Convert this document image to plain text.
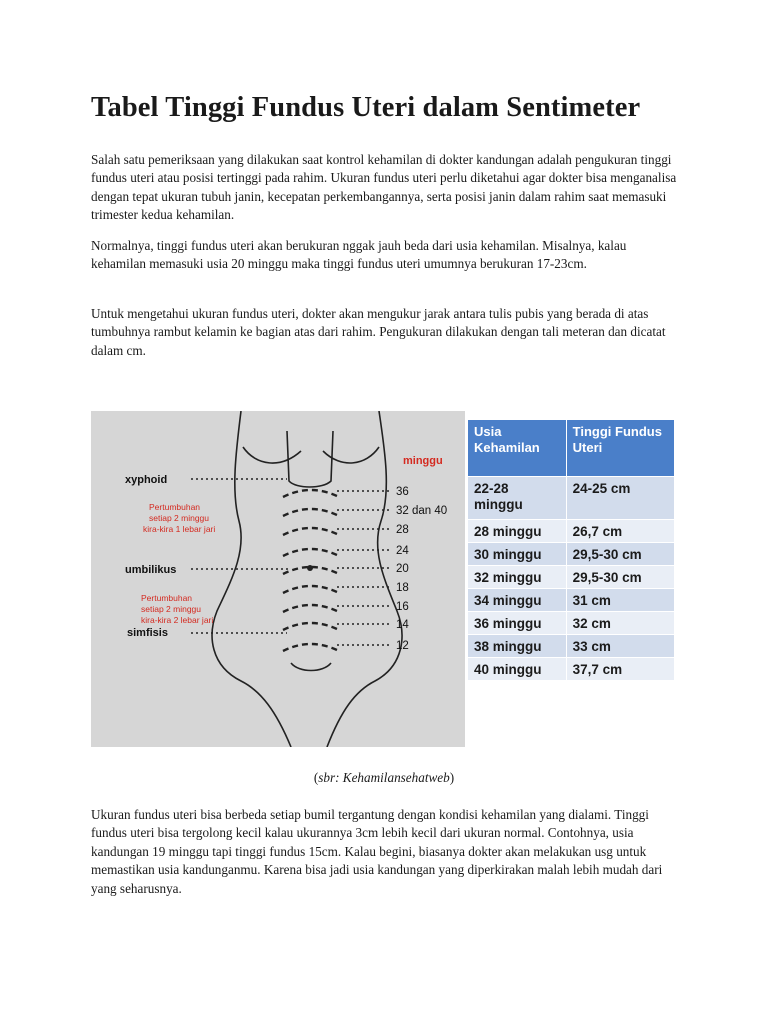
Tabel Tinggi Fundus Uteri dalam Sentimeter

Salah satu pemeriksaan yang dilakukan saat kontrol kehamilan di dokter kandungan adalah pengukuran tinggi fundus uteri atau posisi tertinggi pada rahim. Ukuran fundus uteri perlu diketahui agar dokter bisa menganalisa dengan tepat ukuran tubuh janin, kecepatan perkembangannya, serta posisi janin dalam rahim saat memasuki trimester kedua kehamilan.

Normalnya, tinggi fundus uteri akan berukuran nggak jauh beda dari usia kehamilan. Misalnya, kalau kehamilan memasuki usia 20 minggu maka tinggi fundus uteri umumnya berukuran 17-23cm.

Untuk mengetahui ukuran fundus uteri, dokter akan mengukur jarak antara tulis pubis yang berada di atas tumbuhnya rambut kelamin ke bagian atas dari rahim. Pengukuran dilakukan dengan tali meteran dan dicatat dalam cm.

Pertumbuhan
setiap 2 minggu
kira-kira 1 lebar jari
Pertumbuhan
setiap 2 minggu
kira-kira 2 lebar jari
minggu
xyphoid
umbilikus
simfisis
36
32 dan 40
28
24
20
18
16
14
12
Usia Kehamilan	Tinggi Fundus Uteri
22-28 minggu	24-25 cm
28 minggu	26,7 cm
30 minggu	29,5-30 cm
32 minggu	29,5-30 cm
34 minggu	31 cm
36 minggu	32 cm
38 minggu	33 cm
40 minggu	37,7 cm
(sbr: Kehamilansehatweb)

Ukuran fundus uteri bisa berbeda setiap bumil tergantung dengan kondisi kehamilan yang dialami. Tinggi fundus uteri bisa tergolong kecil kalau ukurannya 3cm lebih kecil dari ukuran normal. Contohnya, usia kandungan 19 minggu tapi tinggi fundus 15cm. Kalau begini, biasanya dokter akan melakukan usg untuk memastikan usia kandunganmu. Karena bisa jadi usia kandungan yang diperkirakan malah lebih mudah dari yang seharusnya.
